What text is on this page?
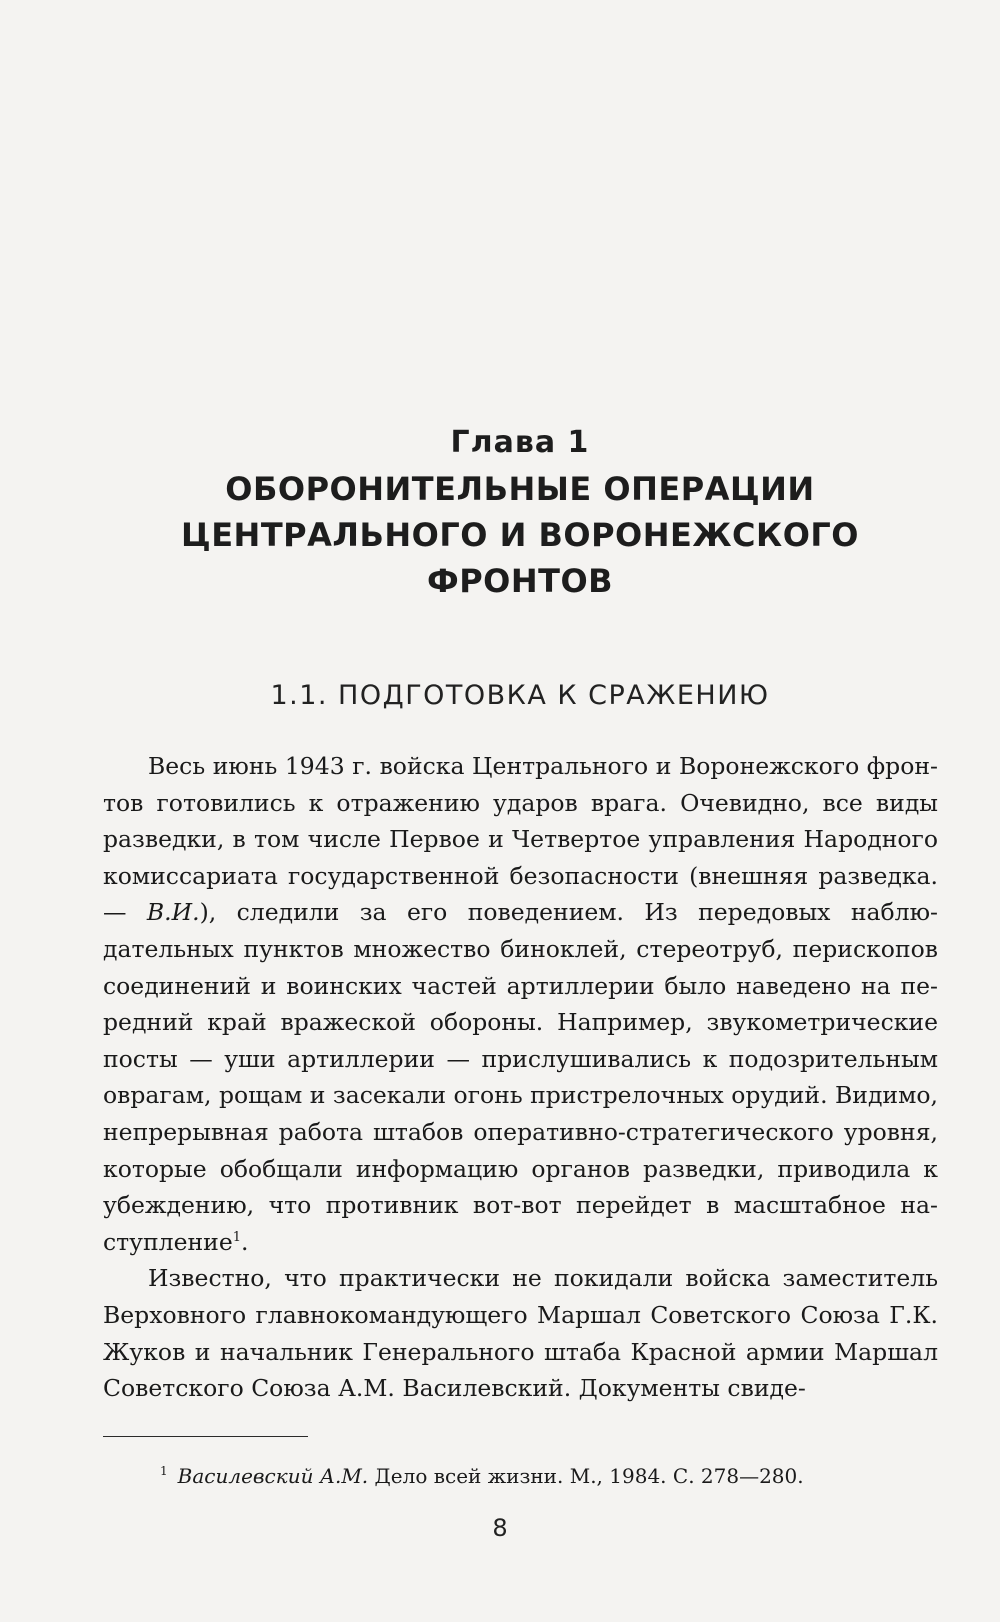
Глава 1
ОБОРОНИТЕЛЬНЫЕ ОПЕРАЦИИ
ЦЕНТРАЛЬНОГО И ВОРОНЕЖСКОГО
ФРОНТОВ
1.1. ПОДГОТОВКА К СРАЖЕНИЮ

Весь июнь 1943 г. войска Центрального и Воронежского фронтов готовились к отражению ударов врага. Очевидно, все виды разведки, в том числе Первое и Четвертое управления Народного комиссариата государственной безопасности (внешняя разведка. — В.И.), следили за его поведением. Из передовых наблюдательных пунктов множество биноклей, стереотруб, перископов соединений и воинских частей артиллерии было наведено на передний край вражеской обороны. Например, звукометрические посты — уши артиллерии — прислушивались к подозрительным оврагам, рощам и засекали огонь пристрелочных орудий. Видимо, непрерывная работа штабов оперативно-стратегического уровня, которые обобщали информацию органов разведки, приводила к убеждению, что противник вот-вот перейдет в масштабное наступление$^1$.

Известно, что практически не покидали войска заместитель Верховного главнокомандующего Маршал Советского Союза Г.К. Жуков и начальник Генерального штаба Красной армии Маршал Советского Союза А.М. Василевский. Документы свиде-

$^1$ Василевский А.М. Дело всей жизни. М., 1984. С. 278—280.
8
